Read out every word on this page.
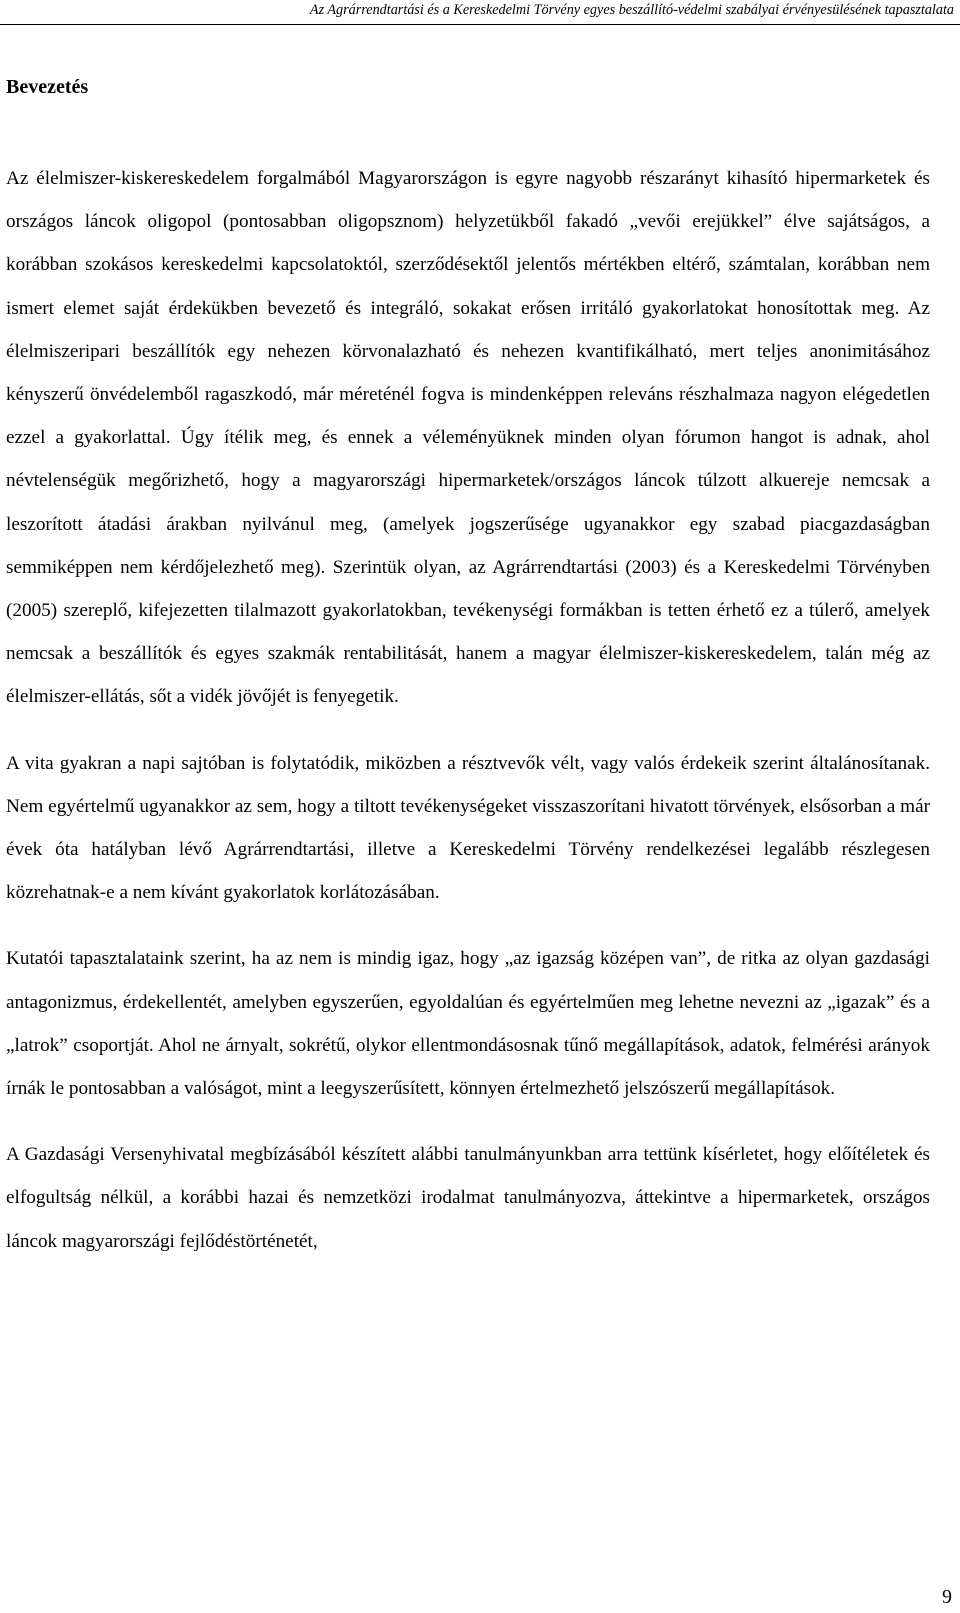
Az Agrárrendtartási és a Kereskedelmi Törvény egyes beszállító-védelmi szabályai érvényesülésének tapasztalata
Bevezetés

Az élelmiszer-kiskereskedelem forgalmából Magyarországon is egyre nagyobb részarányt kihasító hipermarketek és országos láncok oligopol (pontosabban oligopsznom) helyzetükből fakadó „vevői erejükkel” élve sajátságos, a korábban szokásos kereskedelmi kapcsolatoktól, szerződésektől jelentős mértékben eltérő, számtalan, korábban nem ismert elemet saját érdekükben bevezető és integráló, sokakat erősen irritáló gyakorlatokat honosítottak meg. Az élelmiszeripari beszállítók egy nehezen körvonalazható és nehezen kvantifikálható, mert teljes anonimitásához kényszerű önvédelemből ragaszkodó, már méreténél fogva is mindenképpen releváns részhalmaza nagyon elégedetlen ezzel a gyakorlattal. Úgy ítélik meg, és ennek a véleményüknek minden olyan fórumon hangot is adnak, ahol névtelenségük megőrizhető, hogy a magyarországi hipermarketek/országos láncok túlzott alkuereje nemcsak a leszorított átadási árakban nyilvánul meg, (amelyek jogszerűsége ugyanakkor egy szabad piacgazdaságban semmiképpen nem kérdőjelezhető meg). Szerintük olyan, az Agrárrendtartási (2003) és a Kereskedelmi Törvényben (2005) szereplő, kifejezetten tilalmazott gyakorlatokban, tevékenységi formákban is tetten érhető ez a túlerő, amelyek nemcsak a beszállítók és egyes szakmák rentabilitását, hanem a magyar élelmiszer-kiskereskedelem, talán még az élelmiszer-ellátás, sőt a vidék jövőjét is fenyegetik.

A vita gyakran a napi sajtóban is folytatódik, miközben a résztvevők vélt, vagy valós érdekeik szerint általánosítanak. Nem egyértelmű ugyanakkor az sem, hogy a tiltott tevékenységeket visszaszorítani hivatott törvények, elsősorban a már évek óta hatályban lévő Agrárrendtartási, illetve a Kereskedelmi Törvény rendelkezései legalább részlegesen közrehatnak-e a nem kívánt gyakorlatok korlátozásában.

Kutatói tapasztalataink szerint, ha az nem is mindig igaz, hogy „az igazság középen van”, de ritka az olyan gazdasági antagonizmus, érdekellentét, amelyben egyszerűen, egyoldalúan és egyértelműen meg lehetne nevezni az „igazak” és a „latrok” csoportját. Ahol ne árnyalt, sokrétű, olykor ellentmondásosnak tűnő megállapítások, adatok, felmérési arányok írnák le pontosabban a valóságot, mint a leegyszerűsített, könnyen értelmezhető jelszószerű megállapítások.

A Gazdasági Versenyhivatal megbízásából készített alábbi tanulmányunkban arra tettünk kísérletet, hogy előítéletek és elfogultság nélkül, a korábbi hazai és nemzetközi irodalmat tanulmányozva, áttekintve a hipermarketek, országos láncok magyarországi fejlődéstörténetét,

9
